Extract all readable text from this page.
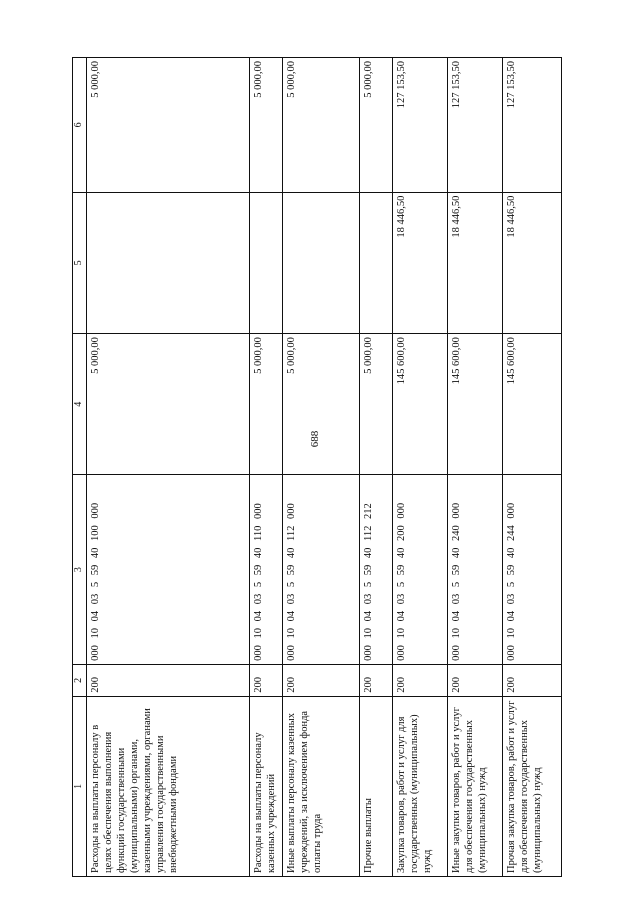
688
1	2	3	4	5	6
Расходы на выплаты персоналу в целях обеспечения выполнения функций государственными (муниципальными) органами, казенными учреждениями, органами управления государственными внебюджетными фондами	200	000 10 04 03 5 59 40 100 000	5 000,00		5 000,00
Расходы на выплаты персоналу казенных учреждений	200	000 10 04 03 5 59 40 110 000	5 000,00		5 000,00
Иные выплаты персоналу казенных учреждений, за исключением фонда оплаты труда	200	000 10 04 03 5 59 40 112 000	5 000,00		5 000,00
Прочие выплаты	200	000 10 04 03 5 59 40 112 212	5 000,00		5 000,00
Закупка товаров, работ и услуг для государственных (муниципальных) нужд	200	000 10 04 03 5 59 40 200 000	145 600,00	18 446,50	127 153,50
Иные закупки товаров, работ и услуг для обеспечения государственных (муниципальных) нужд	200	000 10 04 03 5 59 40 240 000	145 600,00	18 446,50	127 153,50
Прочая закупка товаров, работ и услуг для обеспечения государственных (муниципальных) нужд	200	000 10 04 03 5 59 40 244 000	145 600,00	18 446,50	127 153,50
